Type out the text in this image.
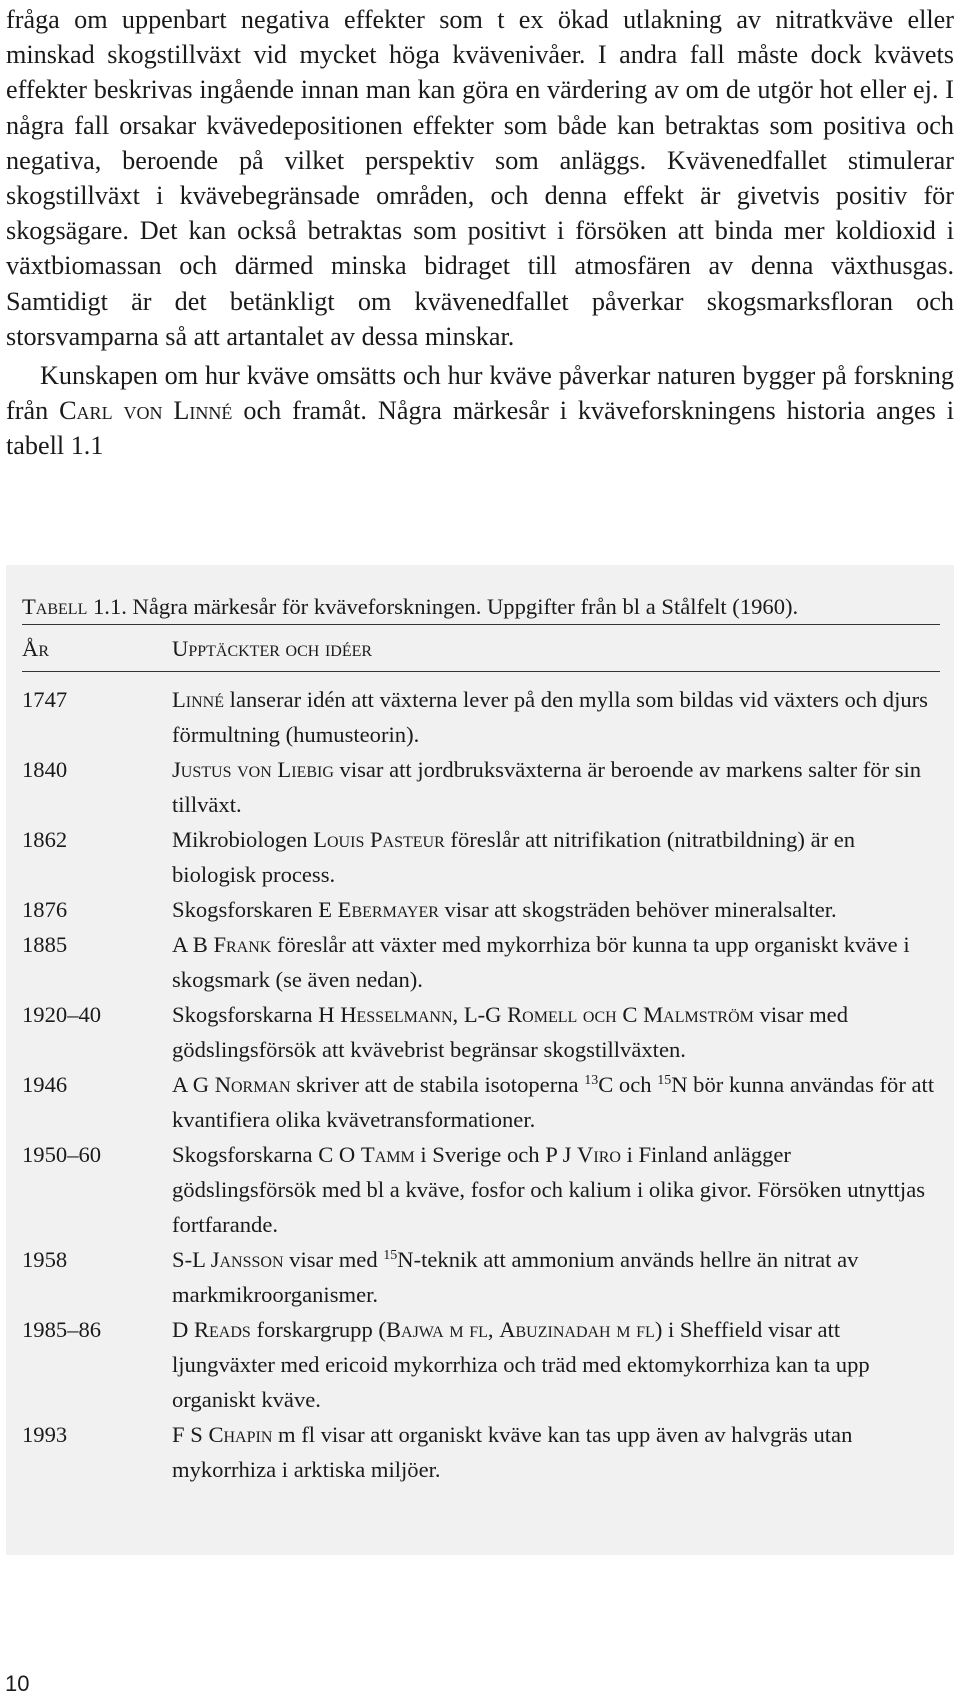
fråga om uppenbart negativa effekter som t ex ökad utlakning av nitratkväve eller minskad skogstillväxt vid mycket höga kvävenivåer. I andra fall måste dock kvävets effekter beskrivas ingående innan man kan göra en värdering av om de utgör hot eller ej. I några fall orsakar kvävedepositionen effekter som både kan betraktas som positiva och negativa, beroende på vilket perspektiv som anläggs. Kvävenedfallet stimulerar skogstillväxt i kvävebegränsade områden, och denna effekt är givetvis positiv för skogsägare. Det kan också betraktas som positivt i försöken att binda mer koldioxid i växtbiomassan och därmed minska bidraget till atmosfären av denna växthusgas. Samtidigt är det betänkligt om kvävenedfallet påverkar skogsmarksfloran och storsvamparna så att artantalet av dessa minskar.

Kunskapen om hur kväve omsätts och hur kväve påverkar naturen bygger på forskning från Carl von Linné och framåt. Några märkesår i kväveforskningens historia anges i tabell 1.1

Tabell 1.1. Några märkesår för kväveforskningen. Uppgifter från bl a Stålfelt (1960).

År	Upptäckter och idéer
1747	Linné lanserar idén att växterna lever på den mylla som bildas vid växters och djurs förmultning (humusteorin).
1840	Justus von Liebig visar att jordbruksväxterna är beroende av markens salter för sin tillväxt.
1862	Mikrobiologen Louis Pasteur föreslår att nitrifikation (nitratbildning) är en biologisk process.
1876	Skogsforskaren E Ebermayer visar att skogsträden behöver mineralsalter.
1885	A B Frank föreslår att växter med mykorrhiza bör kunna ta upp organiskt kväve i skogsmark (se även nedan).
1920–40	Skogsforskarna H Hesselmann, L-G Romell och C Malmström visar med gödslingsförsök att kvävebrist begränsar skogstillväxten.
1946	A G Norman skriver att de stabila isotoperna $^{13}$C och $^{15}$N bör kunna användas för att kvantifiera olika kvävetransformationer.
1950–60	Skogsforskarna C O Tamm i Sverige och P J Viro i Finland anlägger gödslingsförsök med bl a kväve, fosfor och kalium i olika givor. Försöken utnyttjas fortfarande.
1958	S-L Jansson visar med $^{15}$N-teknik att ammonium används hellre än nitrat av markmikroorganismer.
1985–86	D Reads forskargrupp (Bajwa m fl, Abuzinadah m fl) i Sheffield visar att ljungväxter med ericoid mykorrhiza och träd med ektomykorrhiza kan ta upp organiskt kväve.
1993	F S Chapin m fl visar att organiskt kväve kan tas upp även av halvgräs utan mykorrhiza i arktiska miljöer.
10
